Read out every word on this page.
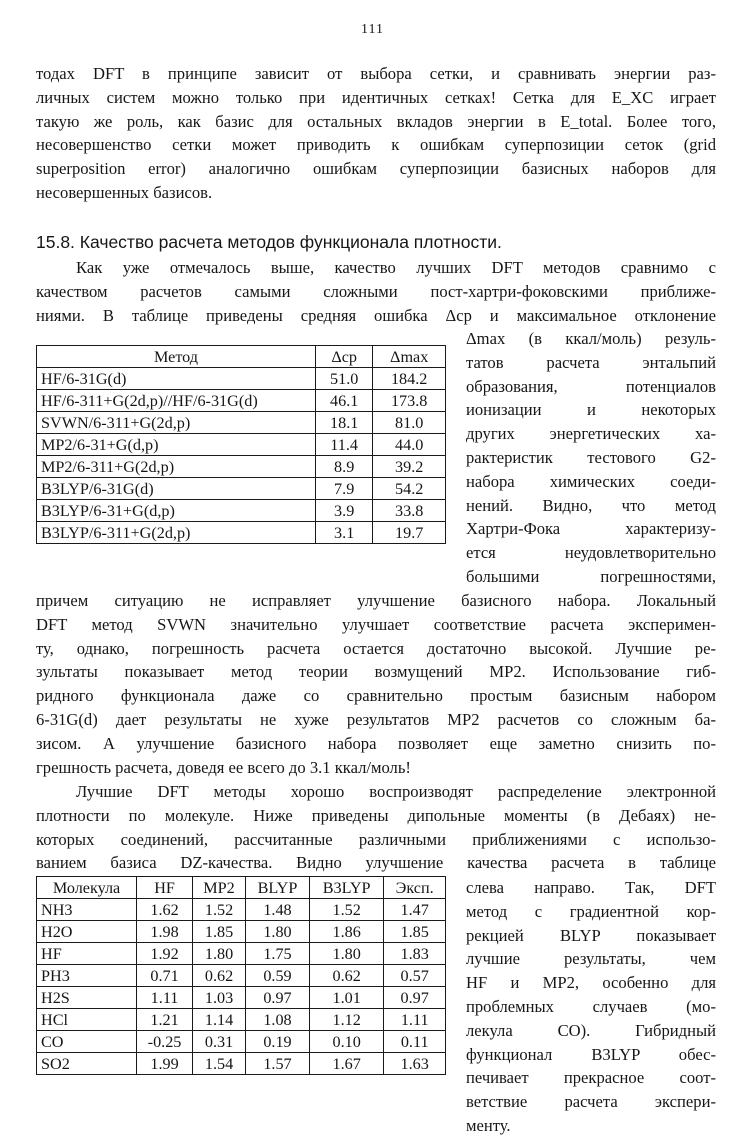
111
тодах DFT в принципе зависит от выбора сетки, и сравнивать энергии раз-
личных систем можно только при идентичных сетках! Сетка для E_XC играет
такую же роль, как базис для остальных вкладов энергии в E_total. Более того,
несовершенство сетки может приводить к ошибкам суперпозиции сеток (grid
superposition error) аналогично ошибкам суперпозиции базисных наборов для
несовершенных базисов.
15.8. Качество расчета методов функционала плотности.
Как уже отмечалось выше, качество лучших DFT методов сравнимо с
качеством расчетов самыми сложными пост-хартри-фоковскими приближе-
ниями. В таблице приведены средняя ошибка Δcp и максимальное отклонение
Метод	Δcp	Δmax
HF/6-31G(d)	51.0	184.2
HF/6-311+G(2d,p)//HF/6-31G(d)	46.1	173.8
SVWN/6-311+G(2d,p)	18.1	81.0
MP2/6-31+G(d,p)	11.4	44.0
MP2/6-311+G(2d,p)	8.9	39.2
B3LYP/6-31G(d)	7.9	54.2
B3LYP/6-31+G(d,p)	3.9	33.8
B3LYP/6-311+G(2d,p)	3.1	19.7
Δmax (в ккал/моль) резуль-
татов расчета энтальпий
образования, потенциалов
ионизации и некоторых
других энергетических ха-
рактеристик тестового G2-
набора химических соеди-
нений. Видно, что метод
Хартри-Фока характеризу-
ется неудовлетворительно
большими погрешностями,
причем ситуацию не исправляет улучшение базисного набора. Локальный
DFT метод SVWN значительно улучшает соответствие расчета эксперимен-
ту, однако, погрешность расчета остается достаточно высокой. Лучшие ре-
зультаты показывает метод теории возмущений MP2. Использование гиб-
ридного функционала даже со сравнительно простым базисным набором
6-31G(d) дает результаты не хуже результатов MP2 расчетов со сложным ба-
зисом. А улучшение базисного набора позволяет еще заметно снизить по-
грешность расчета, доведя ее всего до 3.1 ккал/моль!
Лучшие DFT методы хорошо воспроизводят распределение электронной
плотности по молекуле. Ниже приведены дипольные моменты (в Дебаях) не-
которых соединений, рассчитанные различными приближениями с использо-
ванием базиса DZ-качества. Видно улучшение качества расчета в таблице
Молекула	HF	MP2	BLYP	B3LYP	Эксп.
NH3	1.62	1.52	1.48	1.52	1.47
H2O	1.98	1.85	1.80	1.86	1.85
HF	1.92	1.80	1.75	1.80	1.83
PH3	0.71	0.62	0.59	0.62	0.57
H2S	1.11	1.03	0.97	1.01	0.97
HCl	1.21	1.14	1.08	1.12	1.11
CO	-0.25	0.31	0.19	0.10	0.11
SO2	1.99	1.54	1.57	1.67	1.63
слева направо. Так, DFT
метод с градиентной кор-
рекцией BLYP показывает
лучшие результаты, чем
HF и MP2, особенно для
проблемных случаев (мо-
лекула CO). Гибридный
функционал B3LYP обес-
печивает прекрасное соот-
ветствие расчета экспери-
менту.
